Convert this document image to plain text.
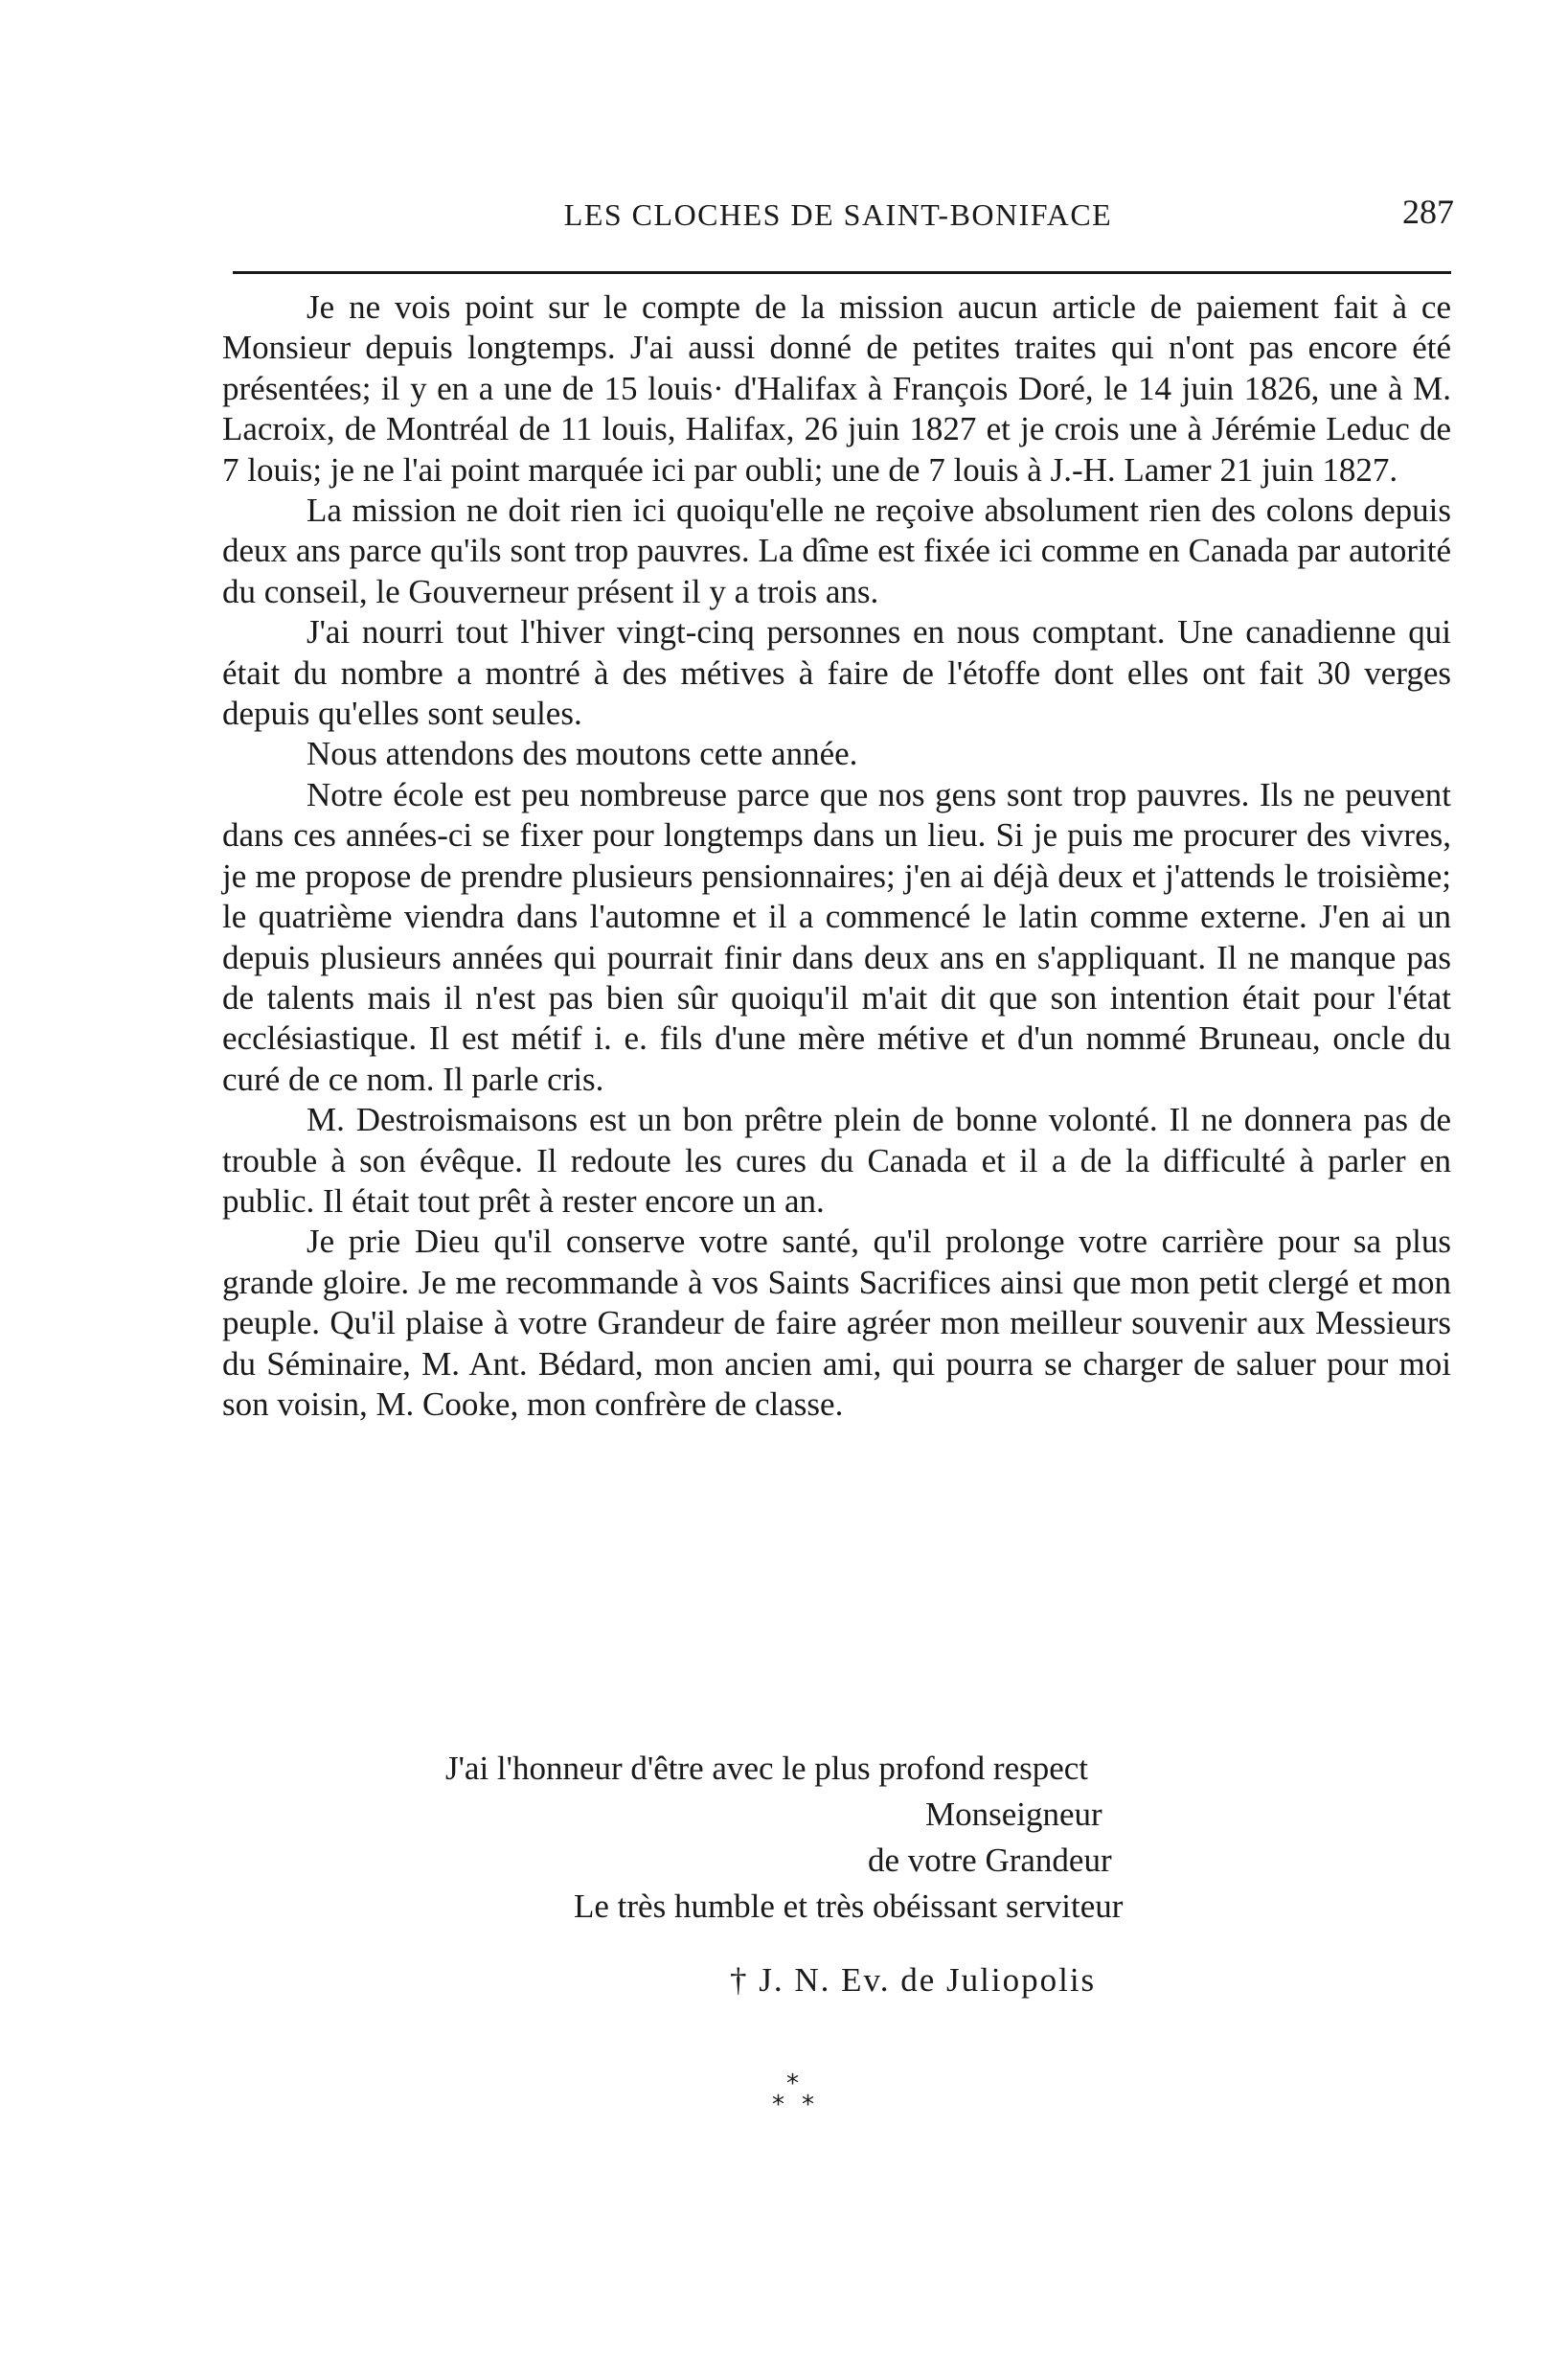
LES CLOCHES DE SAINT-BONIFACE	287

Je ne vois point sur le compte de la mission aucun article de paiement fait à ce Monsieur depuis longtemps. J'ai aussi donné de petites traites qui n'ont pas encore été présentées; il y en a une de 15 louis· d'Halifax à François Doré, le 14 juin 1826, une à M. Lacroix, de Montréal de 11 louis, Halifax, 26 juin 1827 et je crois une à Jérémie Leduc de 7 louis; je ne l'ai point marquée ici par oubli; une de 7 louis à J.-H. Lamer 21 juin 1827.

La mission ne doit rien ici quoiqu'elle ne reçoive absolument rien des colons depuis deux ans parce qu'ils sont trop pauvres. La dîme est fixée ici comme en Canada par autorité du conseil, le Gouverneur présent il y a trois ans.

J'ai nourri tout l'hiver vingt-cinq personnes en nous comptant. Une canadienne qui était du nombre a montré à des métives à faire de l'étoffe dont elles ont fait 30 verges depuis qu'elles sont seules.

Nous attendons des moutons cette année.

Notre école est peu nombreuse parce que nos gens sont trop pauvres. Ils ne peuvent dans ces années-ci se fixer pour longtemps dans un lieu. Si je puis me procurer des vivres, je me propose de prendre plusieurs pensionnaires; j'en ai déjà deux et j'attends le troisième; le quatrième viendra dans l'automne et il a commencé le latin comme externe. J'en ai un depuis plusieurs années qui pourrait finir dans deux ans en s'appliquant. Il ne manque pas de talents mais il n'est pas bien sûr quoiqu'il m'ait dit que son intention était pour l'état ecclésiastique. Il est métif i. e. fils d'une mère métive et d'un nommé Bruneau, oncle du curé de ce nom. Il parle cris.

M. Destroismaisons est un bon prêtre plein de bonne volonté. Il ne donnera pas de trouble à son évêque. Il redoute les cures du Canada et il a de la difficulté à parler en public. Il était tout prêt à rester encore un an.

Je prie Dieu qu'il conserve votre santé, qu'il prolonge votre carrière pour sa plus grande gloire. Je me recommande à vos Saints Sacrifices ainsi que mon petit clergé et mon peuple. Qu'il plaise à votre Grandeur de faire agréer mon meilleur souvenir aux Messieurs du Séminaire, M. Ant. Bédard, mon ancien ami, qui pourra se charger de saluer pour moi son voisin, M. Cooke, mon confrère de classe.

J'ai l'honneur d'être avec le plus profond respect
Monseigneur
de votre Grandeur
Le très humble et très obéissant serviteur
† J. N. Ev. de Juliopolis
*
* *
